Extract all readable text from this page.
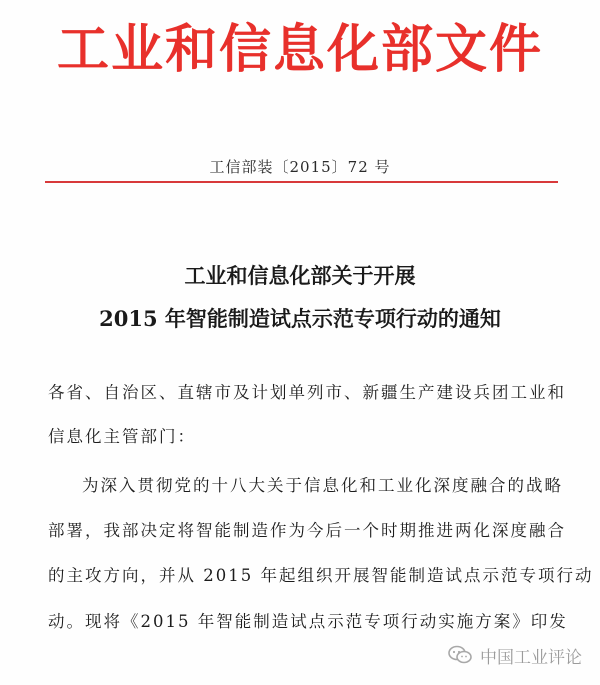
工业和信息化部文件
工信部装〔2015〕72 号
工业和信息化部关于开展
2015 年智能制造试点示范专项行动的通知
各省、自治区、直辖市及计划单列市、新疆生产建设兵团工业和
信息化主管部门：
为深入贯彻党的十八大关于信息化和工业化深度融合的战略
部署，我部决定将智能制造作为今后一个时期推进两化深度融合
的主攻方向，并从 2015 年起组织开展智能制造试点示范专项行动
动。现将《2015 年智能制造试点示范专项行动实施方案》印发
中国工业评论
